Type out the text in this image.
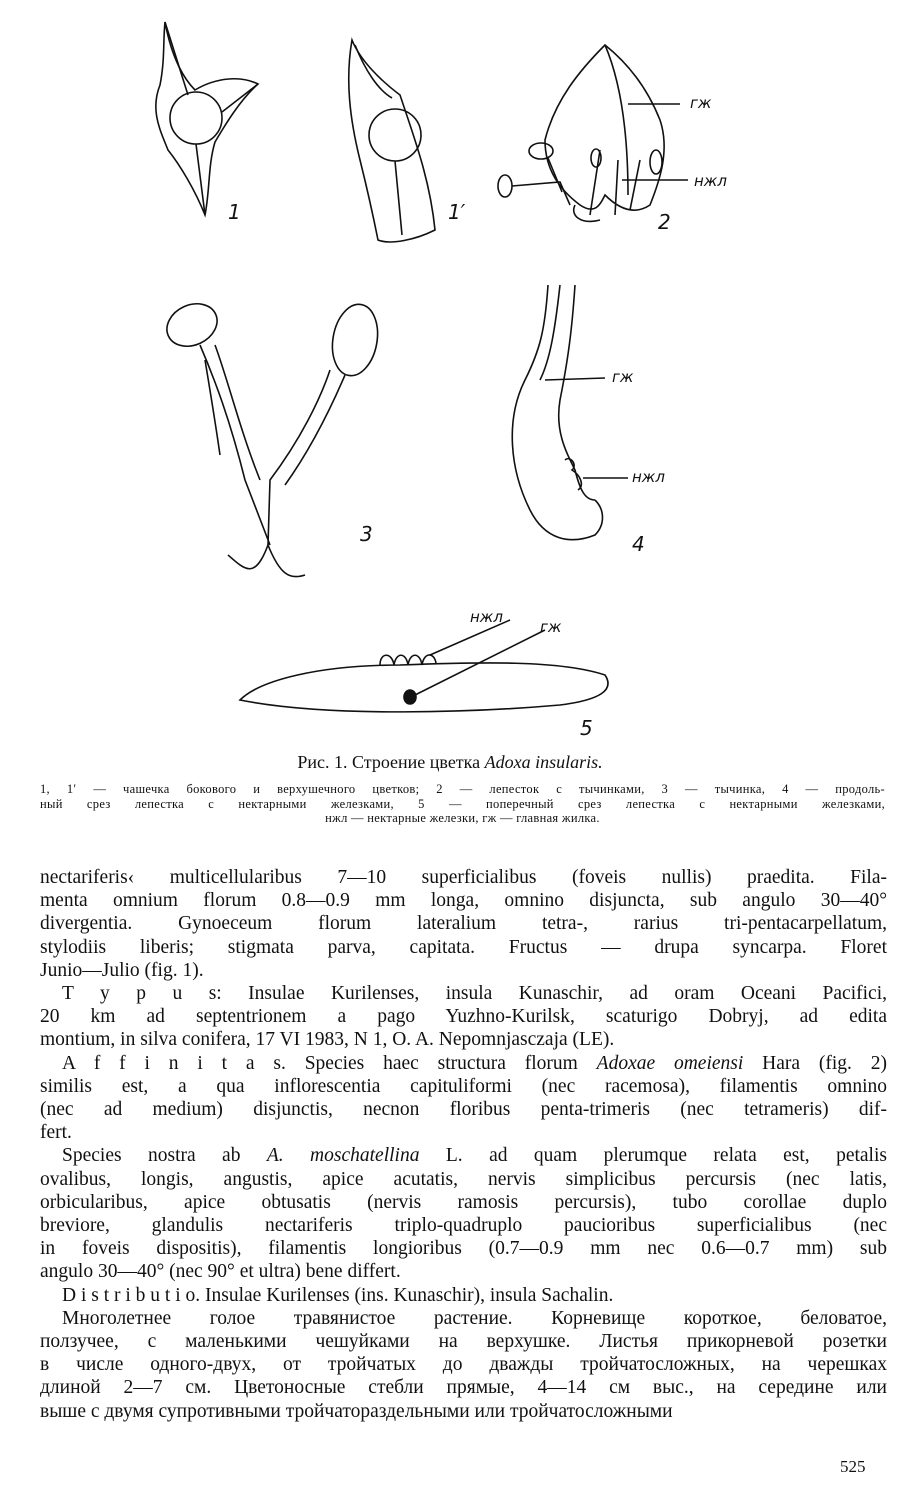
гж
нжл
гж
нжл
нжл
гж
1	1′	2
3	4
5
Рис. 1. Строение цветка Adoxa insularis.
1, 1′ — чашечка бокового и верхушечного цветков; 2 — лепесток с тычинками, 3 — тычинка, 4 — продоль-
ный срез лепестка с нектарными железками, 5 — поперечный срез лепестка с нектарными железками,
нжл — нектарные железки, гж — главная жилка.
nectariferis‹ multicellularibus 7—10 superficialibus (foveis nullis) praedita. Fila-
menta omnium florum 0.8—0.9 mm longa, omnino disjuncta, sub angulo 30—40°
divergentia. Gynoeceum florum lateralium tetra-, rarius tri-pentacarpellatum,
stylodiis liberis; stigmata parva, capitata. Fructus — drupa syncarpa. Floret
Junio—Julio (fig. 1).
T y p u s: Insulae Kurilenses, insula Kunaschir, ad oram Oceani Pacifici,
20 km ad septentrionem a pago Yuzhno-Kurilsk, scaturigo Dobryj, ad edita
montium, in silva conifera, 17 VI 1983, N 1, O. A. Nepomnjasczaja (LE).
A f f i n i t a s. Species haec structura florum Adoxae omeiensi Hara (fig. 2)
similis est, a qua inflorescentia capituliformi (nec racemosa), filamentis omnino
(nec ad medium) disjunctis, necnon floribus penta-trimeris (nec tetrameris) dif-
fert.
Species nostra ab A. moschatellina L. ad quam plerumque relata est, petalis
ovalibus, longis, angustis, apice acutatis, nervis simplicibus percursis (nec latis,
orbicularibus, apice obtusatis (nervis ramosis percursis), tubo corollae duplo
breviore, glandulis nectariferis triplo-quadruplo paucioribus superficialibus (nec
in foveis dispositis), filamentis longioribus (0.7—0.9 mm nec 0.6—0.7 mm) sub
angulo 30—40° (nec 90° et ultra) bene differt.
D i s t r i b u t i o. Insulae Kurilenses (ins. Kunaschir), insula Sachalin.
Многолетнее голое травянистое растение. Корневище короткое, беловатое,
ползучее, с маленькими чешуйками на верхушке. Листья прикорневой розетки
в числе одного-двух, от тройчатых до дважды тройчатосложных, на черешках
длиной 2—7 см. Цветоносные стебли прямые, 4—14 см выс., на середине или
выше с двумя супротивными тройчатораздельными или тройчатосложными
525
